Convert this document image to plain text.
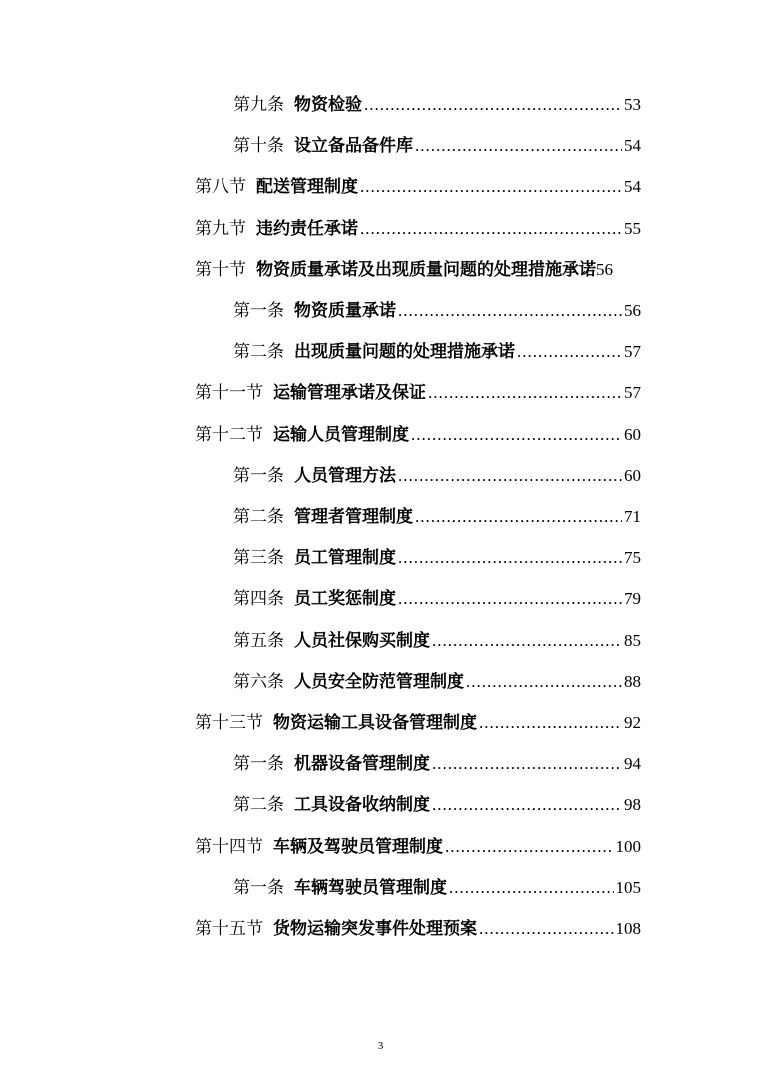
第九条 物资检验 .....	53
第十条 设立备品备件库 .....	54
第八节 配送管理制度 .....	54
第九节 违约责任承诺 .....	55
第十节 物资质量承诺及出现质量问题的处理措施承诺 56
第一条 物资质量承诺 .....	56
第二条 出现质量问题的处理措施承诺 .....	57
第十一节 运输管理承诺及保证 .....	57
第十二节 运输人员管理制度 .....	60
第一条 人员管理方法 .....	60
第二条 管理者管理制度 .....	71
第三条 员工管理制度 .....	75
第四条 员工奖惩制度 .....	79
第五条 人员社保购买制度 .....	85
第六条 人员安全防范管理制度 .....	88
第十三节 物资运输工具设备管理制度 .....	92
第一条 机器设备管理制度 .....	94
第二条 工具设备收纳制度 .....	98
第十四节 车辆及驾驶员管理制度 .....	100
第一条 车辆驾驶员管理制度 .....	105
第十五节 货物运输突发事件处理预案 .....	108
3
